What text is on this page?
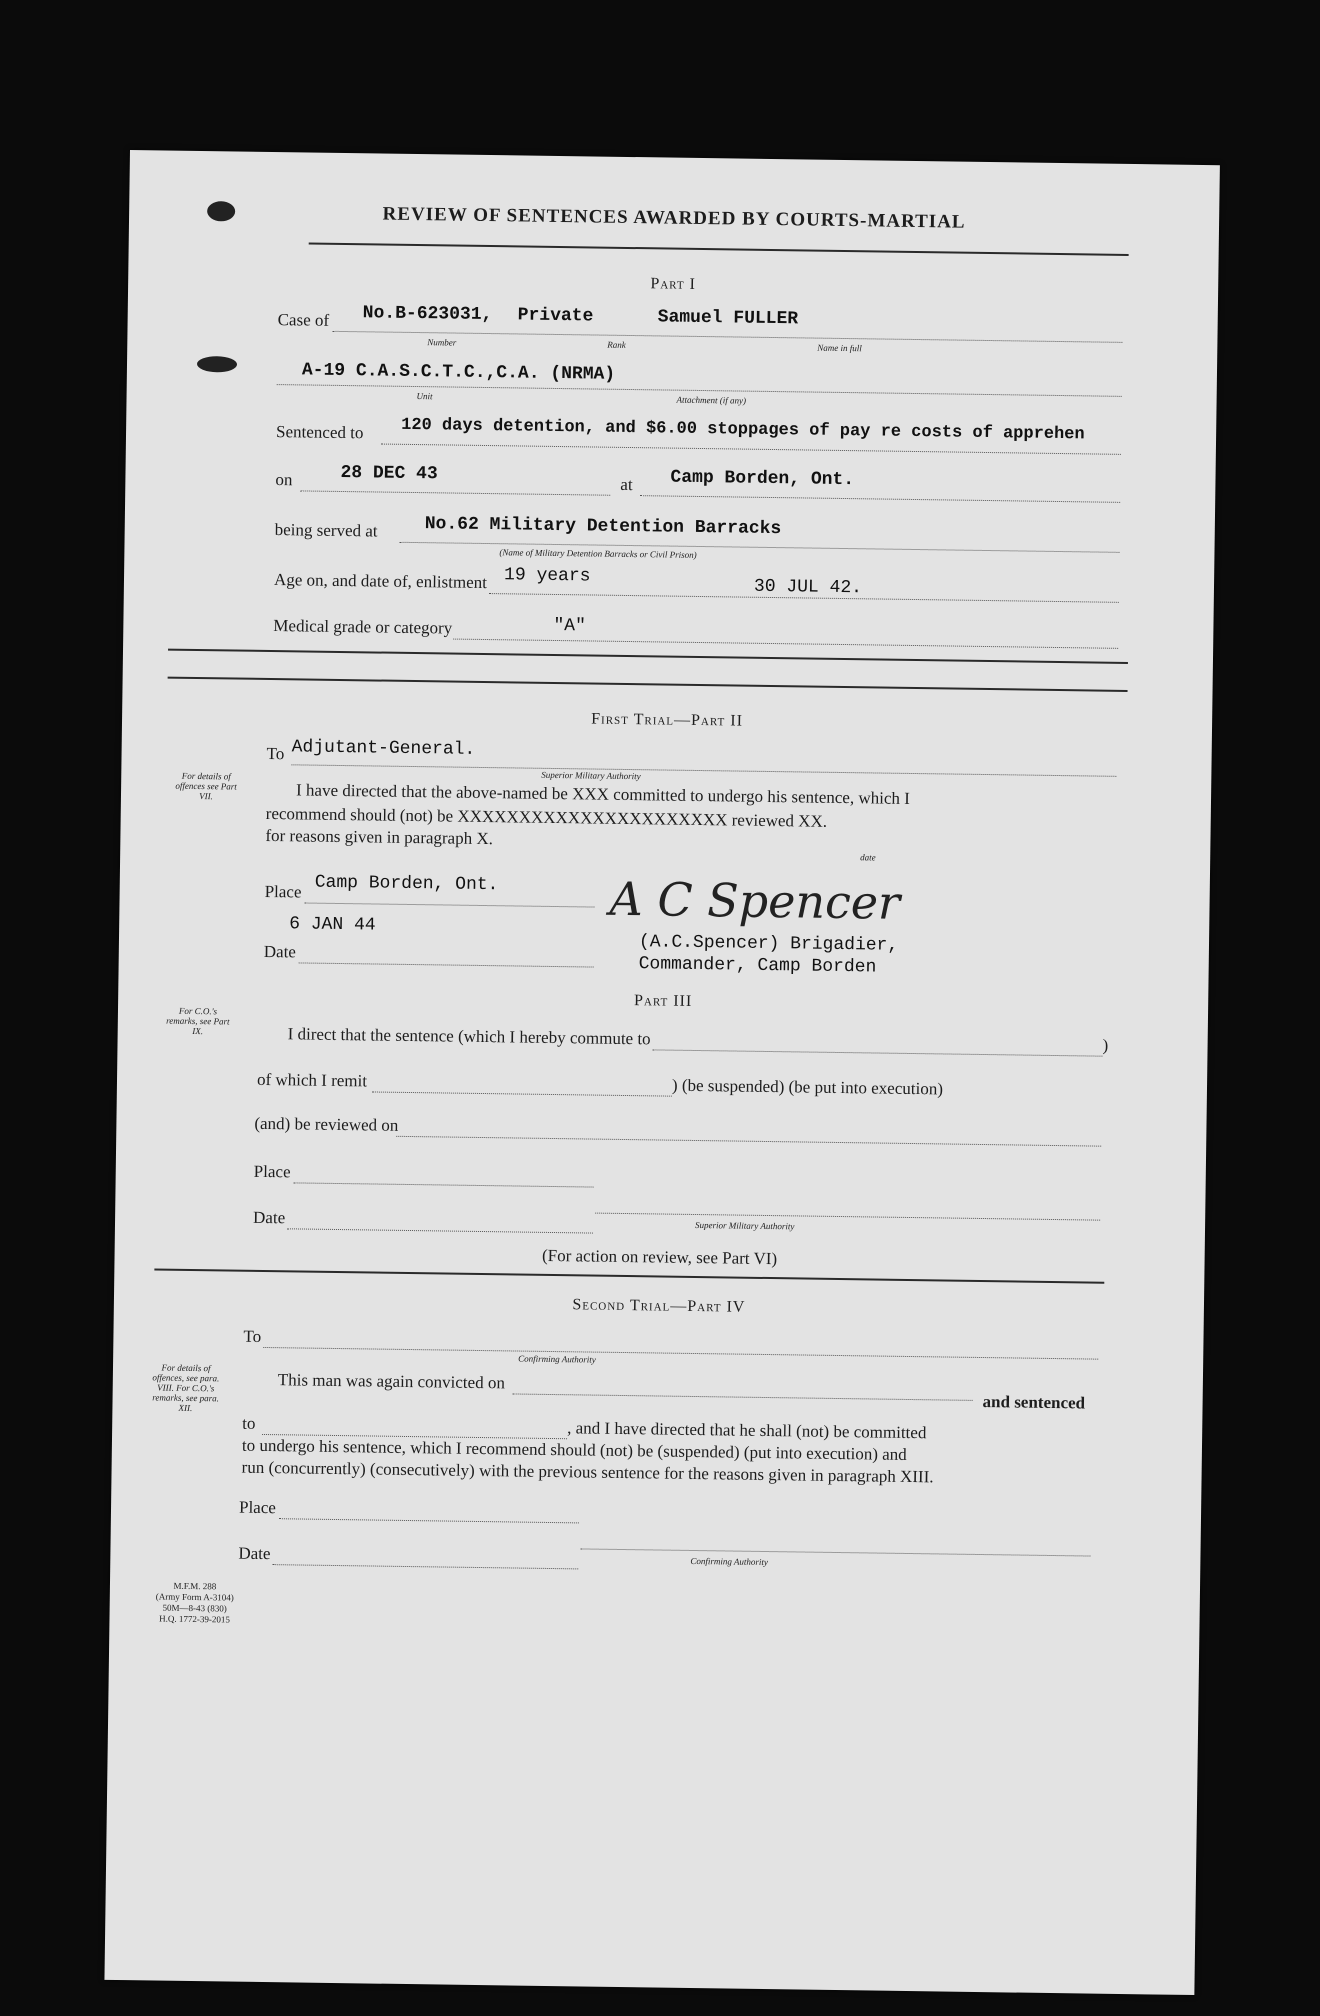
REVIEW OF SENTENCES AWARDED BY COURTS-MARTIAL
Part I
Case of No.B-623031,
Number
Private
Rank
Samuel FULLER
Name in full
A-19 C.A.S.C.T.C.,C.A. (NRMA)
Unit	Attachment (if any)
Sentenced to 120 days detention, and $6.00 stoppages of pay re costs of apprehen
on	28 DEC 43
at Camp Borden, Ont.
being served at	No.62 Military Detention Barracks
(Name of Military Detention Barracks or Civil Prison)
Age on, and date of, enlistment 19 years
30 JUL 42.
Medical grade or category	"A"
First Trial—Part II
To Adjutant-General.
Superior Military Authority
For details of offences see Part VII.	I have directed that the above-named be XXX committed to undergo his sentence, which I
recommend should (not) be XXXXXXXXXXXXXXXXXXXXXX reviewed XX.
for reasons given in paragraph X.
date
Place Camp Borden, Ont.
Date
6 JAN 44	A C Spencer
(A.C.Spencer) Brigadier,
Commander, Camp Borden
Part III
For C.O.'s remarks, see Part IX.	I direct that the sentence (which I hereby commute to	)
of which I remit	) (be suspended) (be put into execution)
(and) be reviewed on
Place
Date	Superior Military Authority
(For action on review, see Part VI)
Second Trial—Part IV
To
Confirming Authority
For details of offences, see para. VIII. For C.O.'s remarks, see para. XII.
This man was again convicted on
and sentenced
to	, and I have directed that he shall (not) be committed
to undergo his sentence, which I recommend should (not) be (suspended) (put into execution) and
run (concurrently) (consecutively) with the previous sentence for the reasons given in paragraph XIII.
Place
Date	Confirming Authority
M.F.M. 288
(Army Form A-3104)
50M—8-43 (830)
H.Q. 1772-39-2015
